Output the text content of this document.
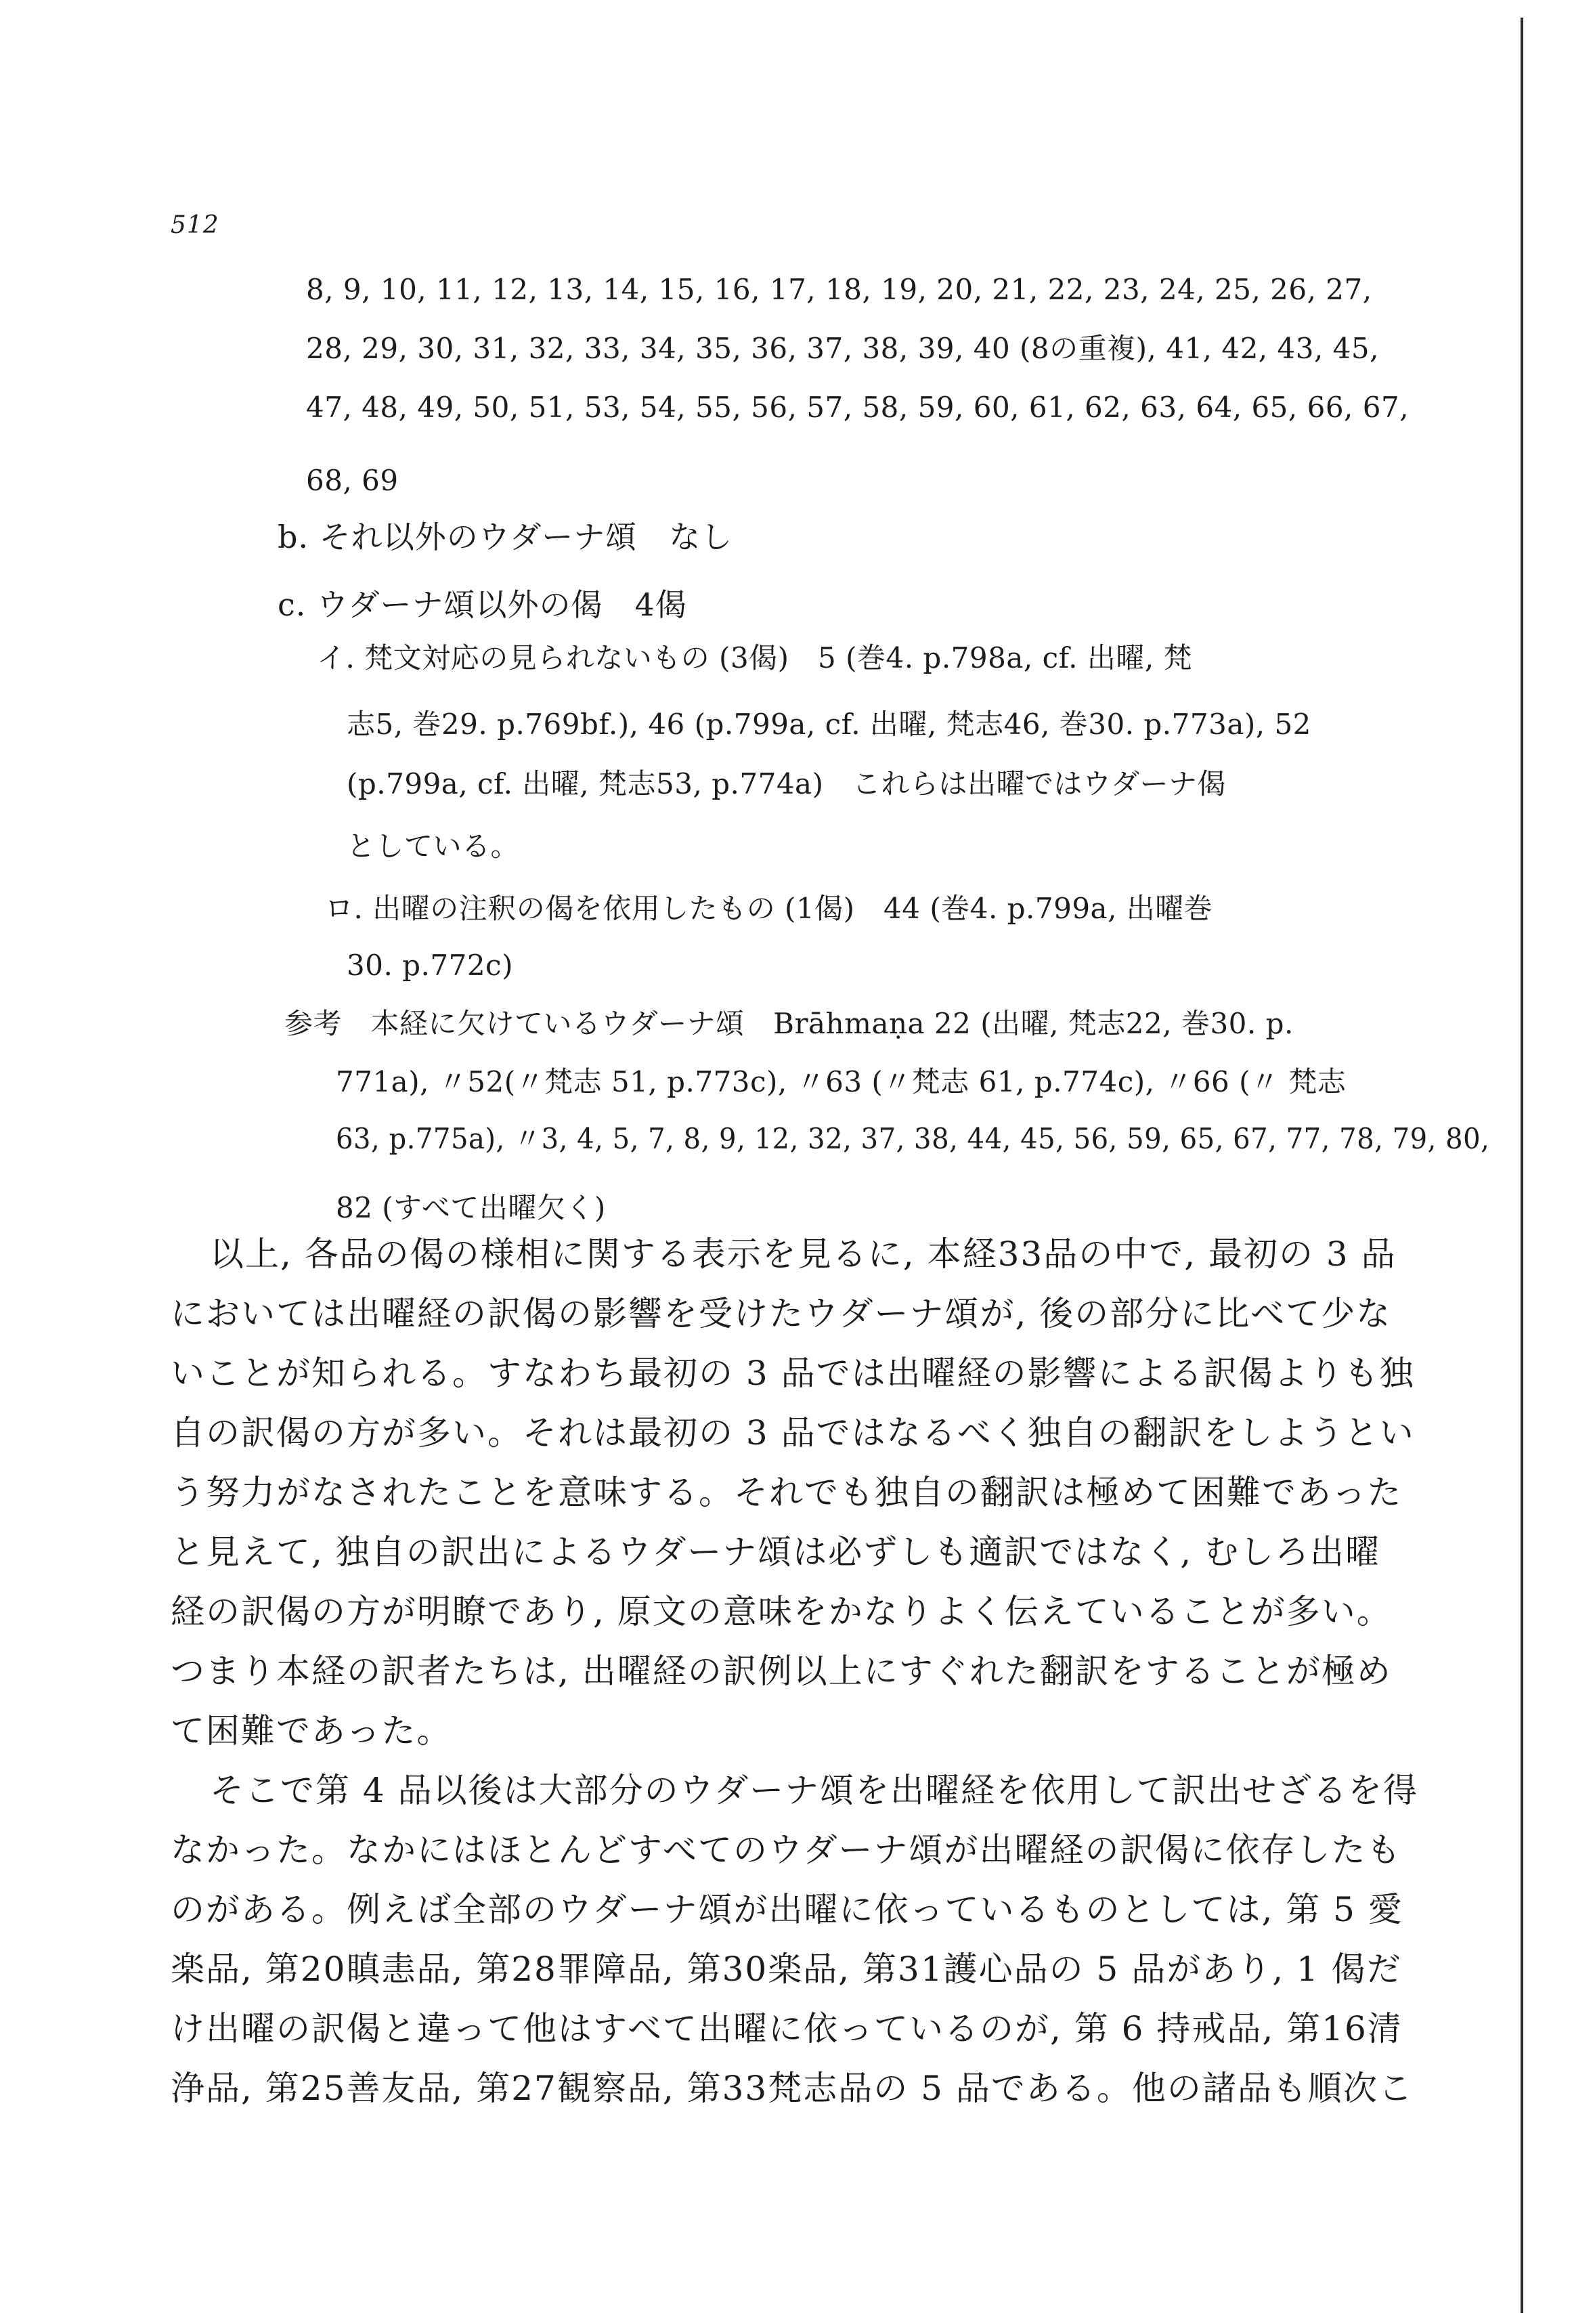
512
8, 9, 10, 11, 12, 13, 14, 15, 16, 17, 18, 19, 20, 21, 22, 23, 24, 25, 26, 27,
28, 29, 30, 31, 32, 33, 34, 35, 36, 37, 38, 39, 40 (8の重複), 41, 42, 43, 45,
47, 48, 49, 50, 51, 53, 54, 55, 56, 57, 58, 59, 60, 61, 62, 63, 64, 65, 66, 67,
68, 69
b. それ以外のウダーナ頌　なし
c. ウダーナ頌以外の偈　4偈
イ. 梵文対応の見られないもの (3偈)　5 (巻4. p.798a, cf. 出曜, 梵
志5, 巻29. p.769bf.), 46 (p.799a, cf. 出曜, 梵志46, 巻30. p.773a), 52
(p.799a, cf. 出曜, 梵志53, p.774a)　これらは出曜ではウダーナ偈
としている。
ロ. 出曜の注釈の偈を依用したもの (1偈)　44 (巻4. p.799a, 出曜巻
30. p.772c)
参考　本経に欠けているウダーナ頌　Brāhmaṇa 22 (出曜, 梵志22, 巻30. p.
771a), 〃52(〃梵志 51, p.773c), 〃63 (〃梵志 61, p.774c), 〃66 (〃 梵志
63, p.775a), 〃3, 4, 5, 7, 8, 9, 12, 32, 37, 38, 44, 45, 56, 59, 65, 67, 77, 78, 79, 80,
82 (すべて出曜欠く)
以上, 各品の偈の様相に関する表示を見るに, 本経33品の中で, 最初の 3 品
においては出曜経の訳偈の影響を受けたウダーナ頌が, 後の部分に比べて少な
いことが知られる。すなわち最初の 3 品では出曜経の影響による訳偈よりも独
自の訳偈の方が多い。それは最初の 3 品ではなるべく独自の翻訳をしようとい
う努力がなされたことを意味する。それでも独自の翻訳は極めて困難であった
と見えて, 独自の訳出によるウダーナ頌は必ずしも適訳ではなく, むしろ出曜
経の訳偈の方が明瞭であり, 原文の意味をかなりよく伝えていることが多い。
つまり本経の訳者たちは, 出曜経の訳例以上にすぐれた翻訳をすることが極め
て困難であった。
そこで第 4 品以後は大部分のウダーナ頌を出曜経を依用して訳出せざるを得
なかった。なかにはほとんどすべてのウダーナ頌が出曜経の訳偈に依存したも
のがある。例えば全部のウダーナ頌が出曜に依っているものとしては, 第 5 愛
楽品, 第20瞋恚品, 第28罪障品, 第30楽品, 第31護心品の 5 品があり, 1 偈だ
け出曜の訳偈と違って他はすべて出曜に依っているのが, 第 6 持戒品, 第16清
浄品, 第25善友品, 第27観察品, 第33梵志品の 5 品である。他の諸品も順次こ
